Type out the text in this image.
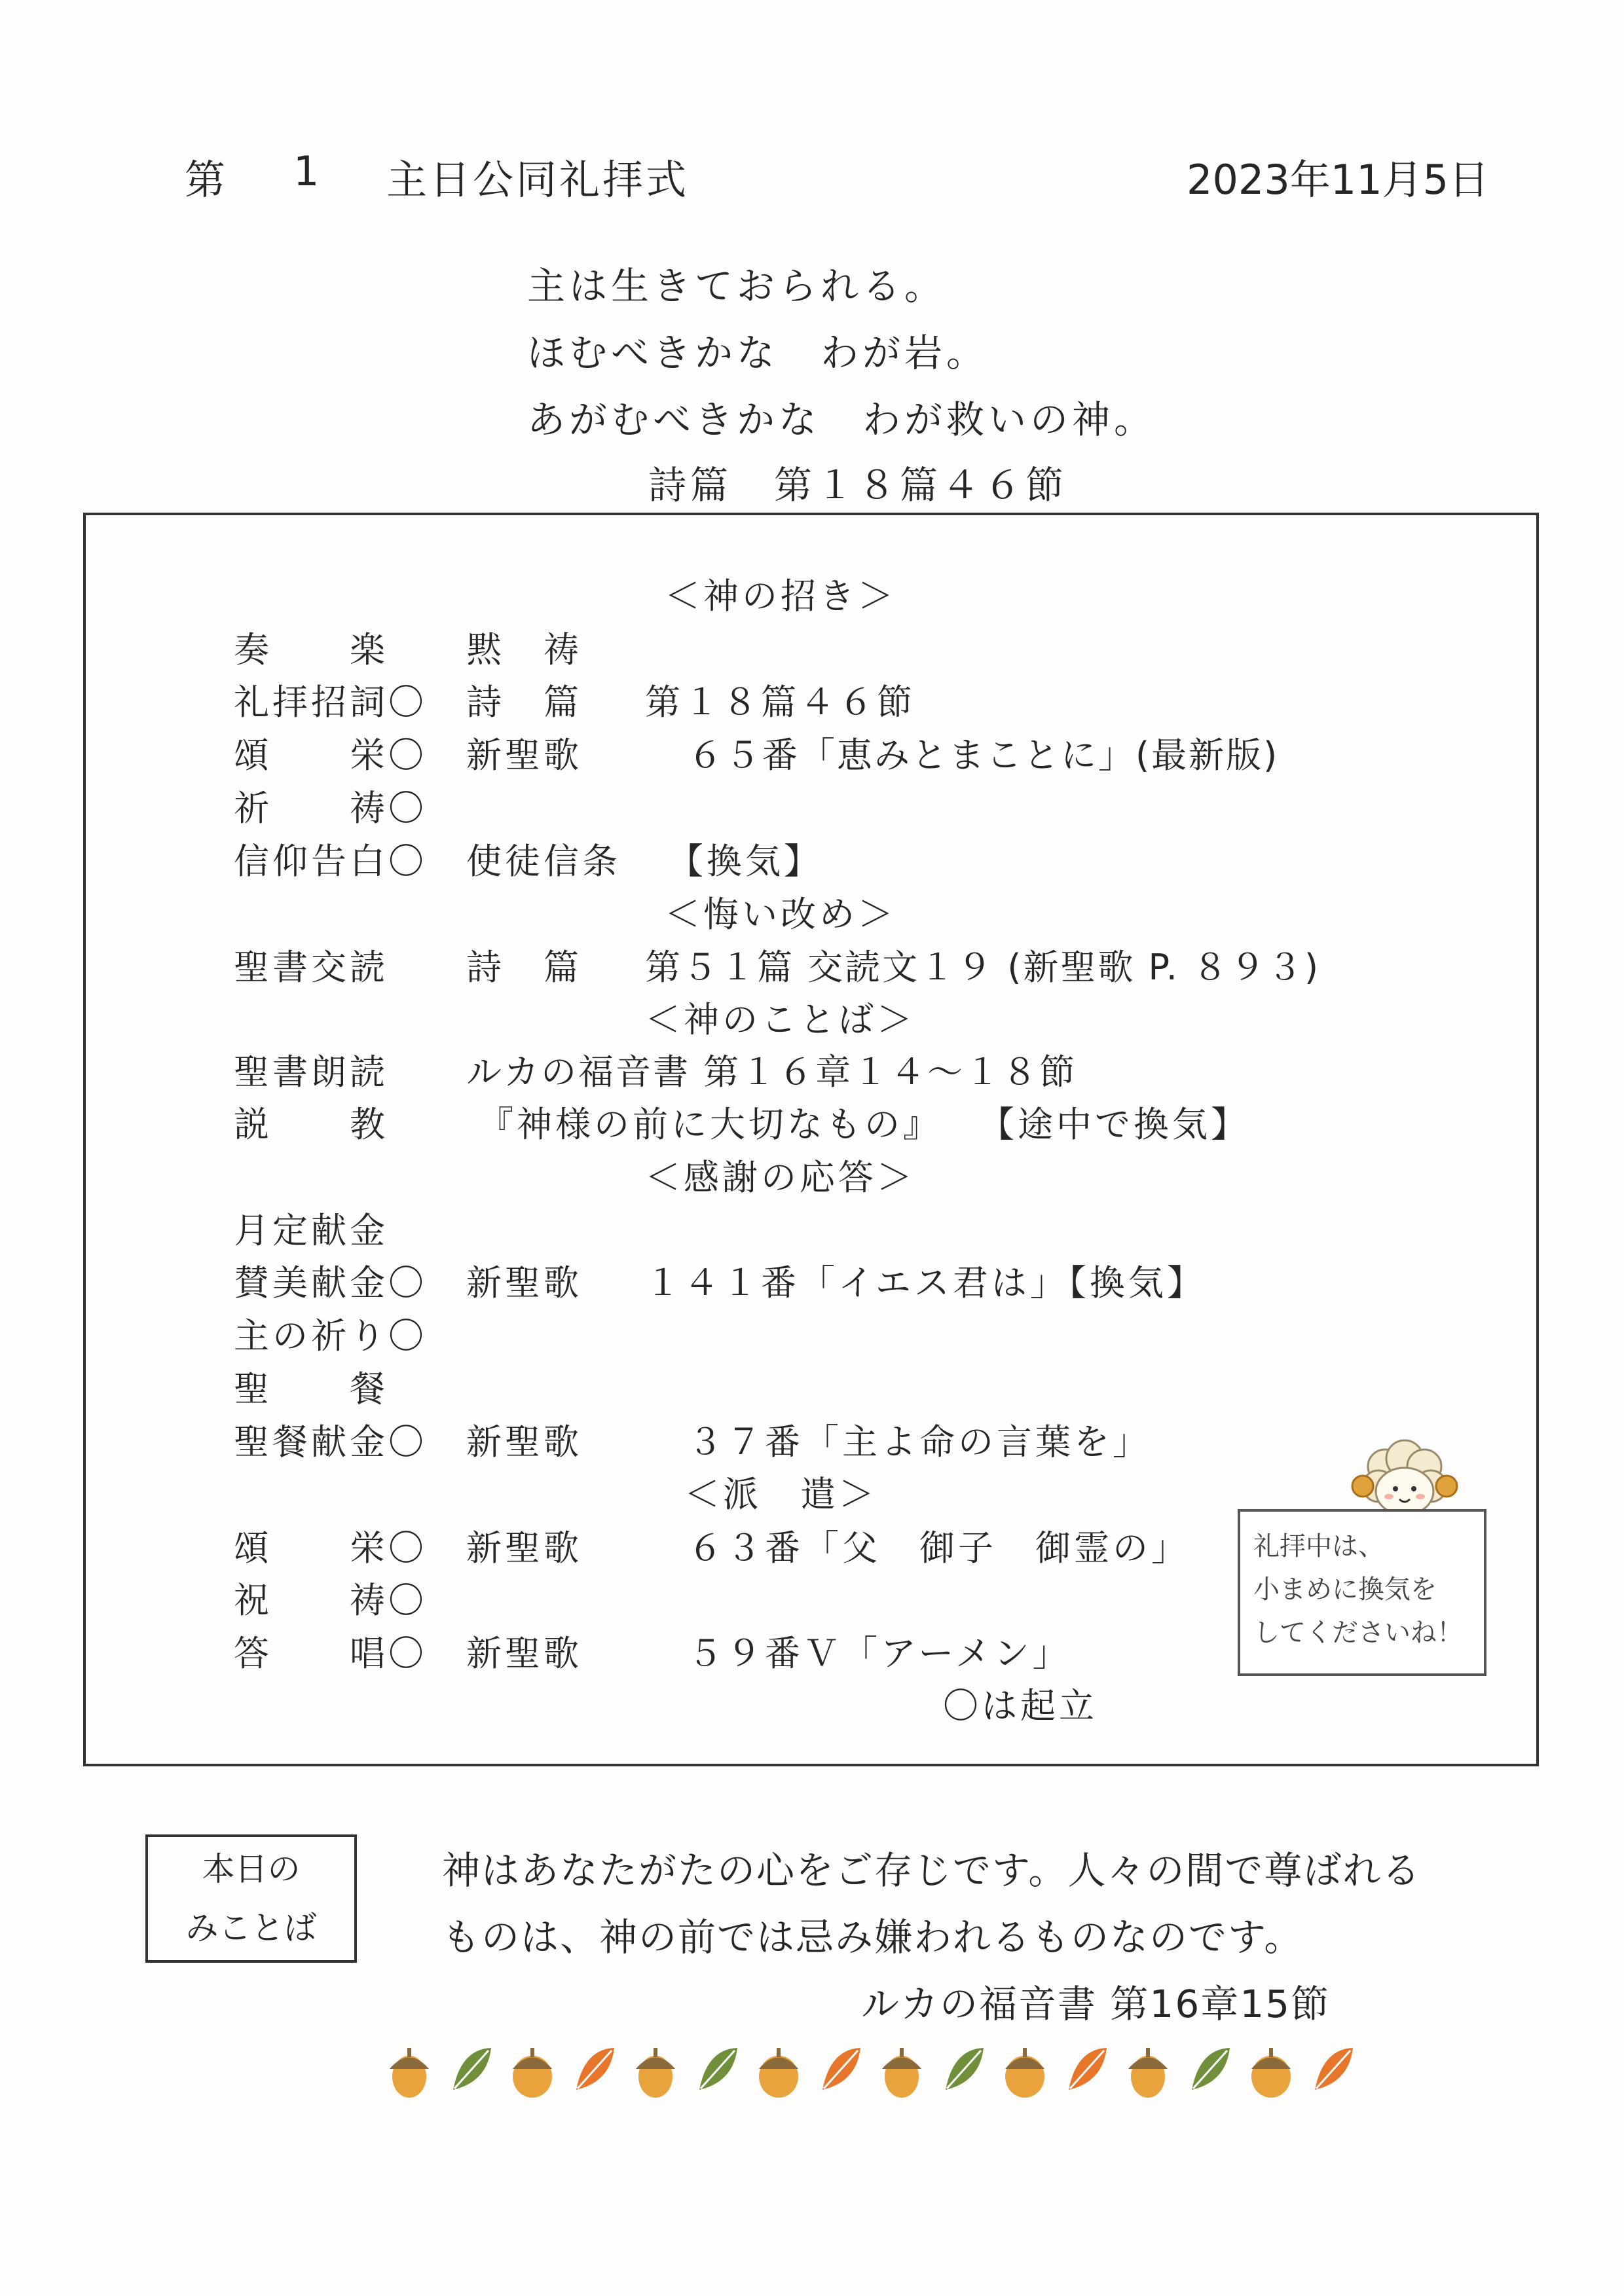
第 1 主日公同礼拝式	2023年11月5日
主は生きておられる。
ほむべきかな　わが岩。
あがむべきかな　わが救いの神。
詩篇　第１８篇４６節
＜神の招き＞
奏　　楽 黙　祷
礼拝招詞〇 詩　篇 第１８篇４６節
頌　　栄〇 新聖歌	６５番「恵みとまことに」(最新版)
祈　　祷〇
信仰告白〇 使徒信条 【換気】
＜悔い改め＞
聖書交読 詩　篇 第５１篇 交読文１９ (新聖歌 P. ８９３)
＜神のことば＞
聖書朗読 ルカの福音書 第１６章１４～１８節
説　　教	『神様の前に大切なもの』 【途中で換気】
＜感謝の応答＞
月定献金
賛美献金〇 新聖歌 １４１番「イエス君は」【換気】
主の祈り〇
聖　　餐
聖餐献金〇 新聖歌	３７番「主よ命の言葉を」
＜派　遣＞
頌　　栄〇 新聖歌	６３番「父　御子　御霊の」
祝　　祷〇
答　　唱〇 新聖歌	５９番Ｖ「アーメン」
〇は起立
礼拝中は、
小まめに換気を
してくださいね！
本日の
みことば
神はあなたがたの心をご存じです。人々の間で尊ばれる
ものは、神の前では忌み嫌われるものなのです。
ルカの福音書 第16章15節
